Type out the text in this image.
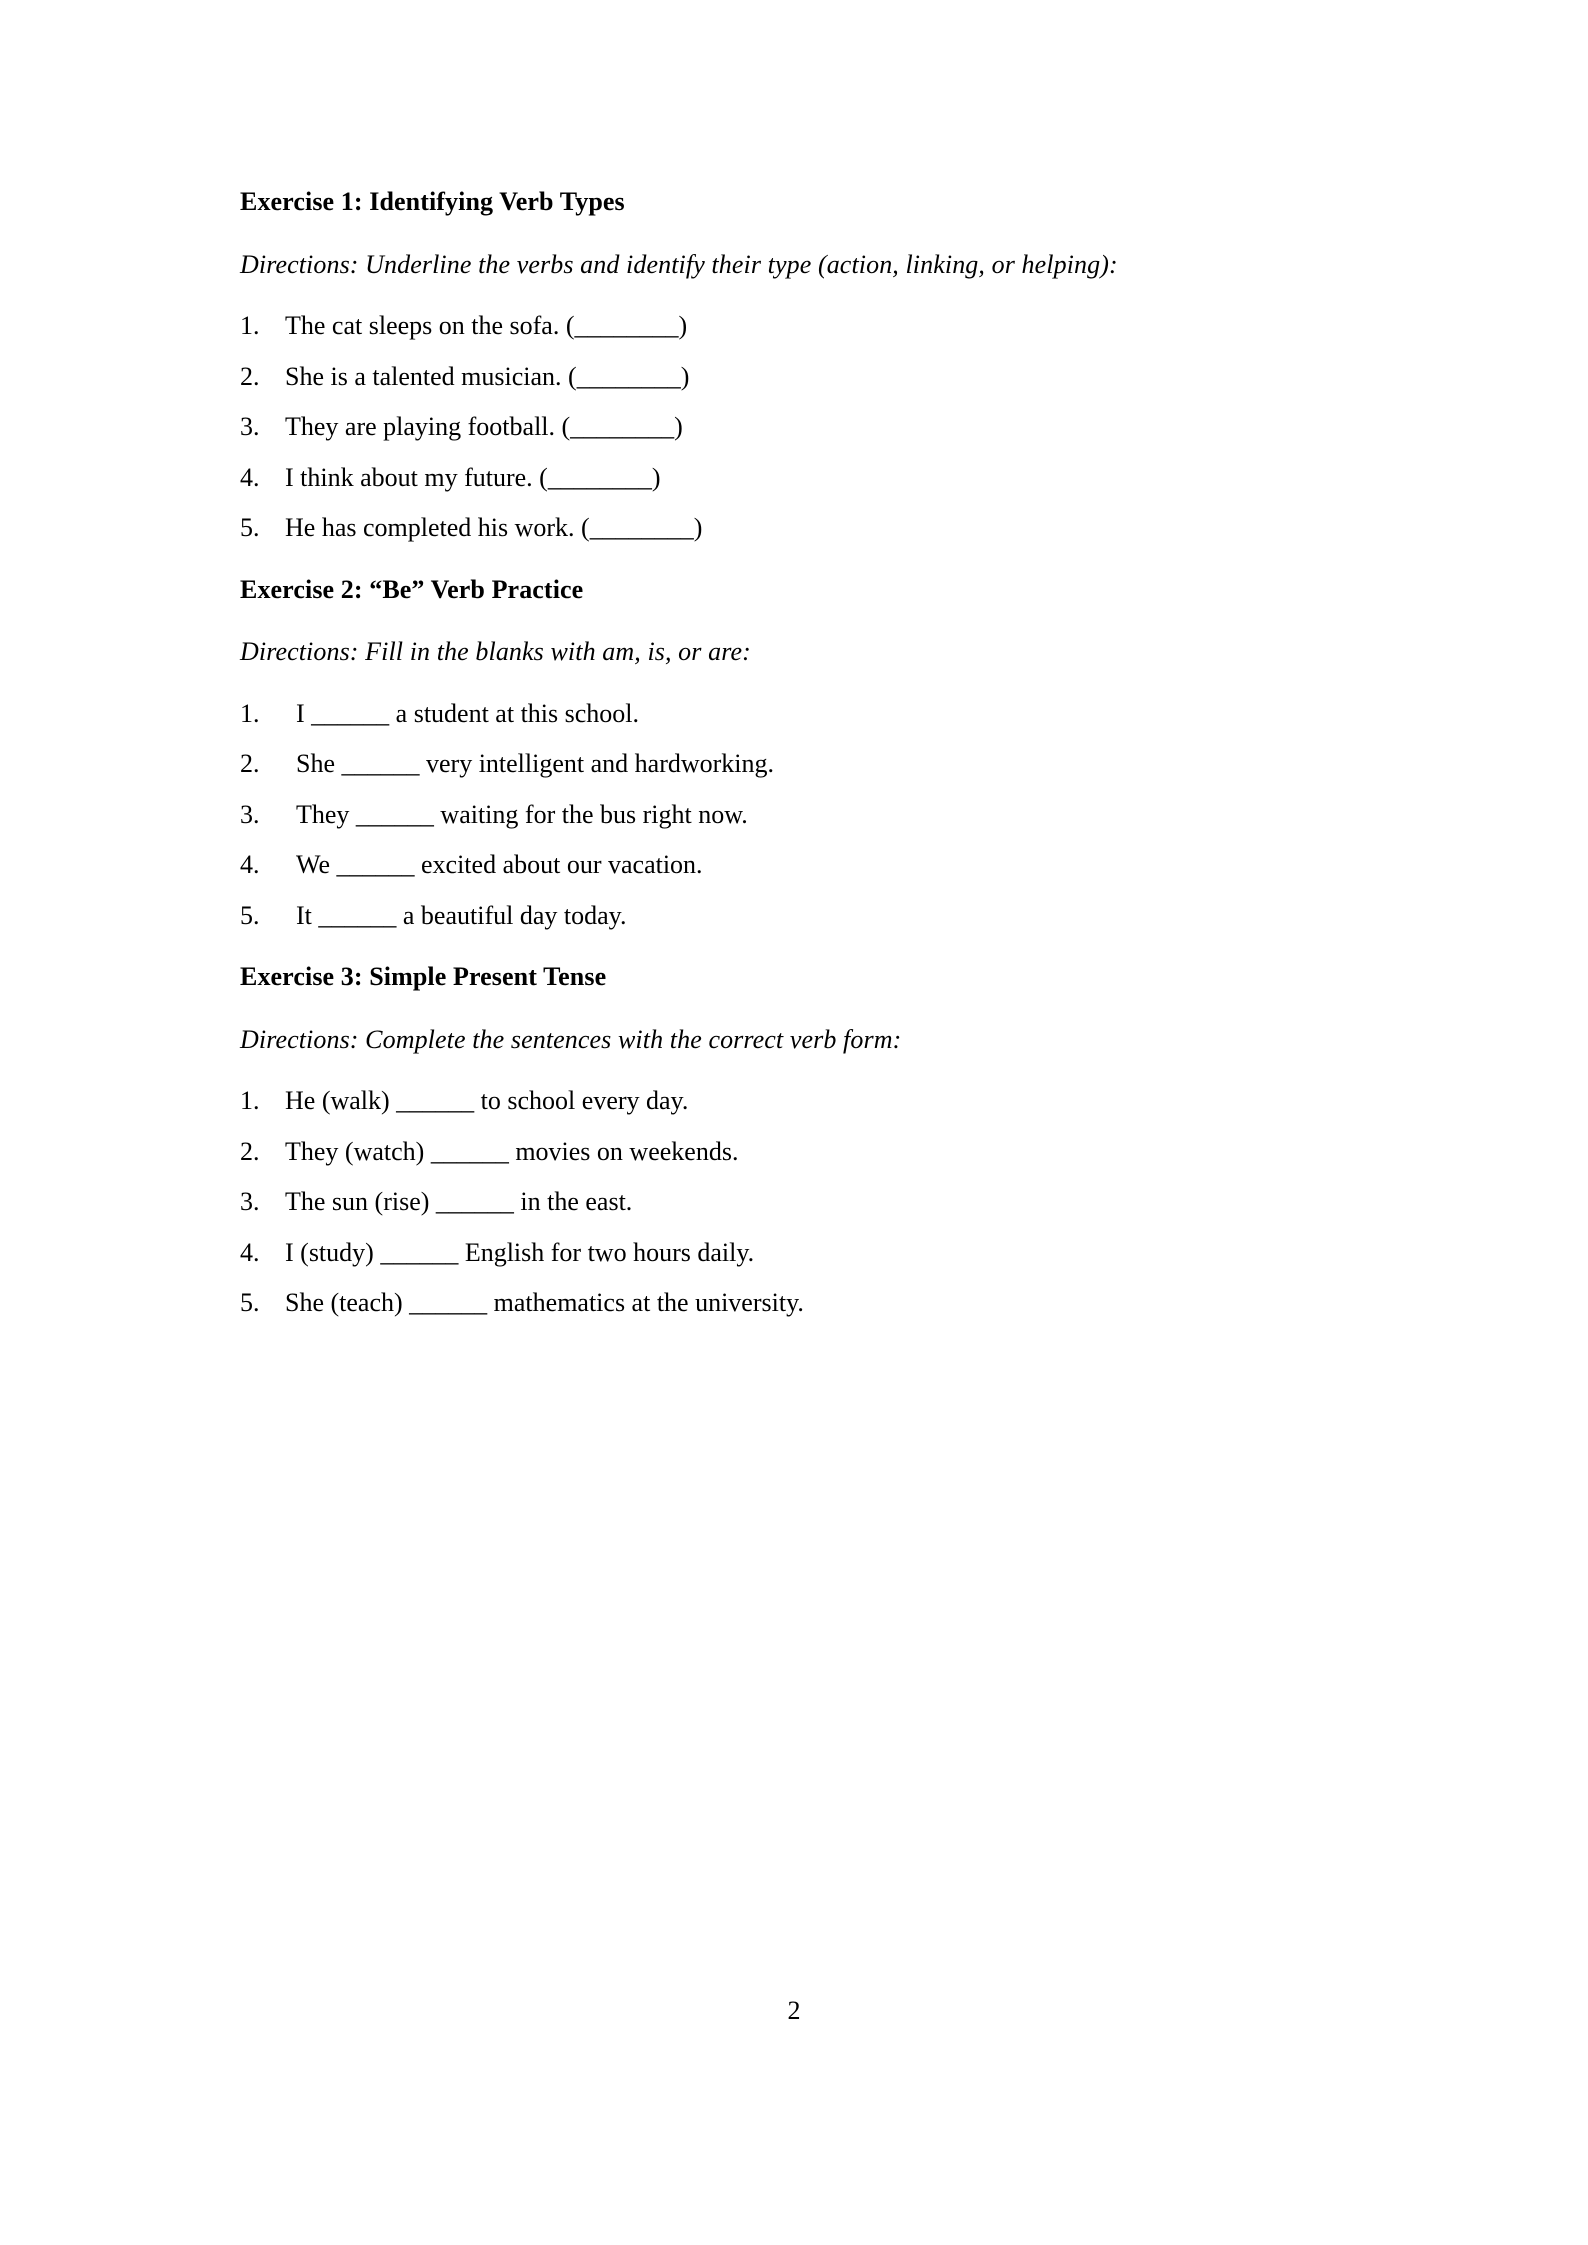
Exercise 1: Identifying Verb Types

Directions: Underline the verbs and identify their type (action, linking, or helping):

1. The cat sleeps on the sofa. (________)
2. She is a talented musician. (________)
3. They are playing football. (________)
4. I think about my future. (________)
5. He has completed his work. (________)
Exercise 2: “Be” Verb Practice

Directions: Fill in the blanks with am, is, or are:

1.	I ______ a student at this school.
2.	She ______ very intelligent and hardworking.
3.	They ______ waiting for the bus right now.
4.	We ______ excited about our vacation.
5.	It ______ a beautiful day today.
Exercise 3: Simple Present Tense

Directions: Complete the sentences with the correct verb form:

1. He (walk) ______ to school every day.
2. They (watch) ______ movies on weekends.
3. The sun (rise) ______ in the east.
4. I (study) ______ English for two hours daily.
5. She (teach) ______ mathematics at the university.
2
